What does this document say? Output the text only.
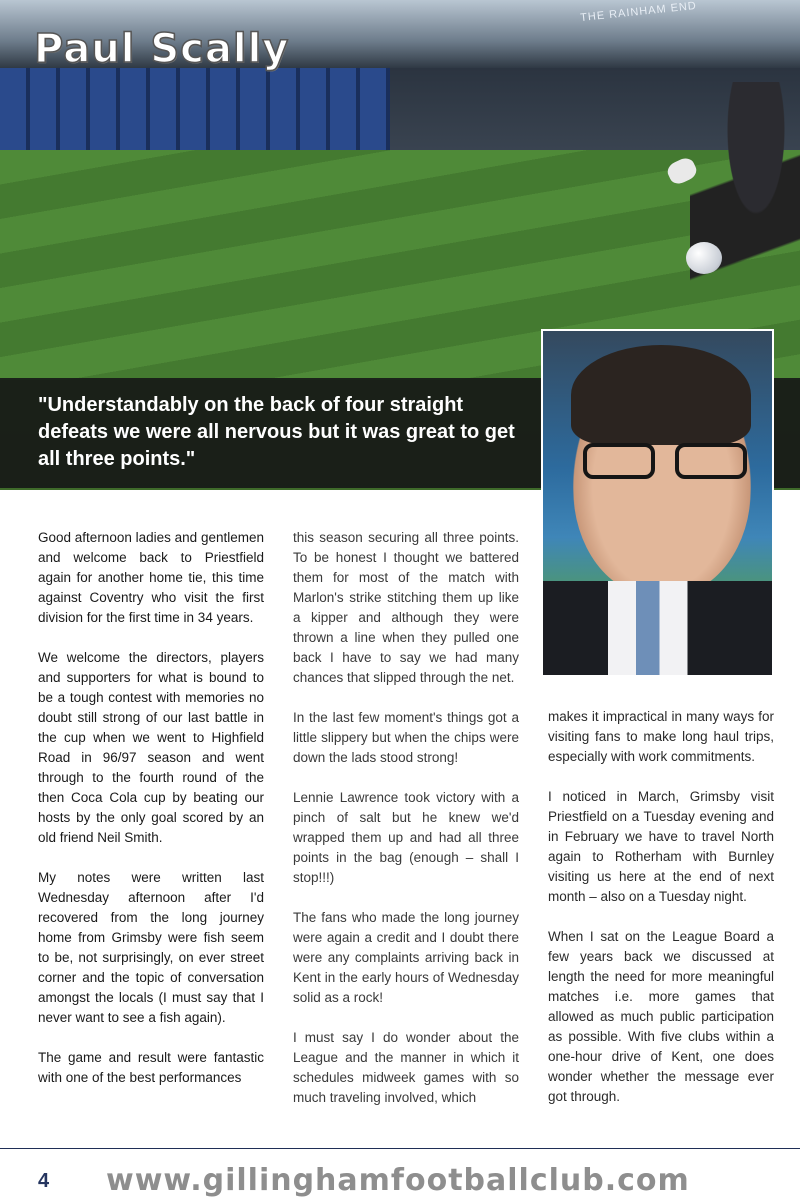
THE RAINHAM END
Paul Scally

"Understandably on the back of four straight defeats we were all nervous but it was great to get all three points."

Good afternoon ladies and gentlemen and welcome back to Priestfield again for another home tie, this time against Coventry who visit the first division for the first time in 34 years.

We welcome the directors, players and supporters for what is bound to be a tough contest with memories no doubt still strong of our last battle in the cup when we went to Highfield Road in 96/97 season and went through to the fourth round of the then Coca Cola cup by beating our hosts by the only goal scored by an old friend Neil Smith.

My notes were written last Wednesday afternoon after I'd recovered from the long journey home from Grimsby were fish seem to be, not surprisingly, on ever street corner and the topic of conversation amongst the locals (I must say that I never want to see a fish again).

The game and result were fantastic with one of the best performances

this season securing all three points. To be honest I thought we battered them for most of the match with Marlon's strike stitching them up like a kipper and although they were thrown a line when they pulled one back I have to say we had many chances that slipped through the net.

In the last few moment's things got a little slippery but when the chips were down the lads stood strong!

Lennie Lawrence took victory with a pinch of salt but he knew we'd wrapped them up and had all three points in the bag (enough – shall I stop!!!)

The fans who made the long journey were again a credit and I doubt there were any complaints arriving back in Kent in the early hours of Wednesday solid as a rock!

I must say I do wonder about the League and the manner in which it schedules midweek games with so much traveling involved, which

makes it impractical in many ways for visiting fans to make long haul trips, especially with work commitments.

I noticed in March, Grimsby visit Priestfield on a Tuesday evening and in February we have to travel North again to Rotherham with Burnley visiting us here at the end of next month – also on a Tuesday night.

When I sat on the League Board a few years back we discussed at length the need for more meaningful matches i.e. more games that allowed as much public participation as possible. With five clubs within a one-hour drive of Kent, one does wonder whether the message ever got through.

4 www.gillinghamfootballclub.com
